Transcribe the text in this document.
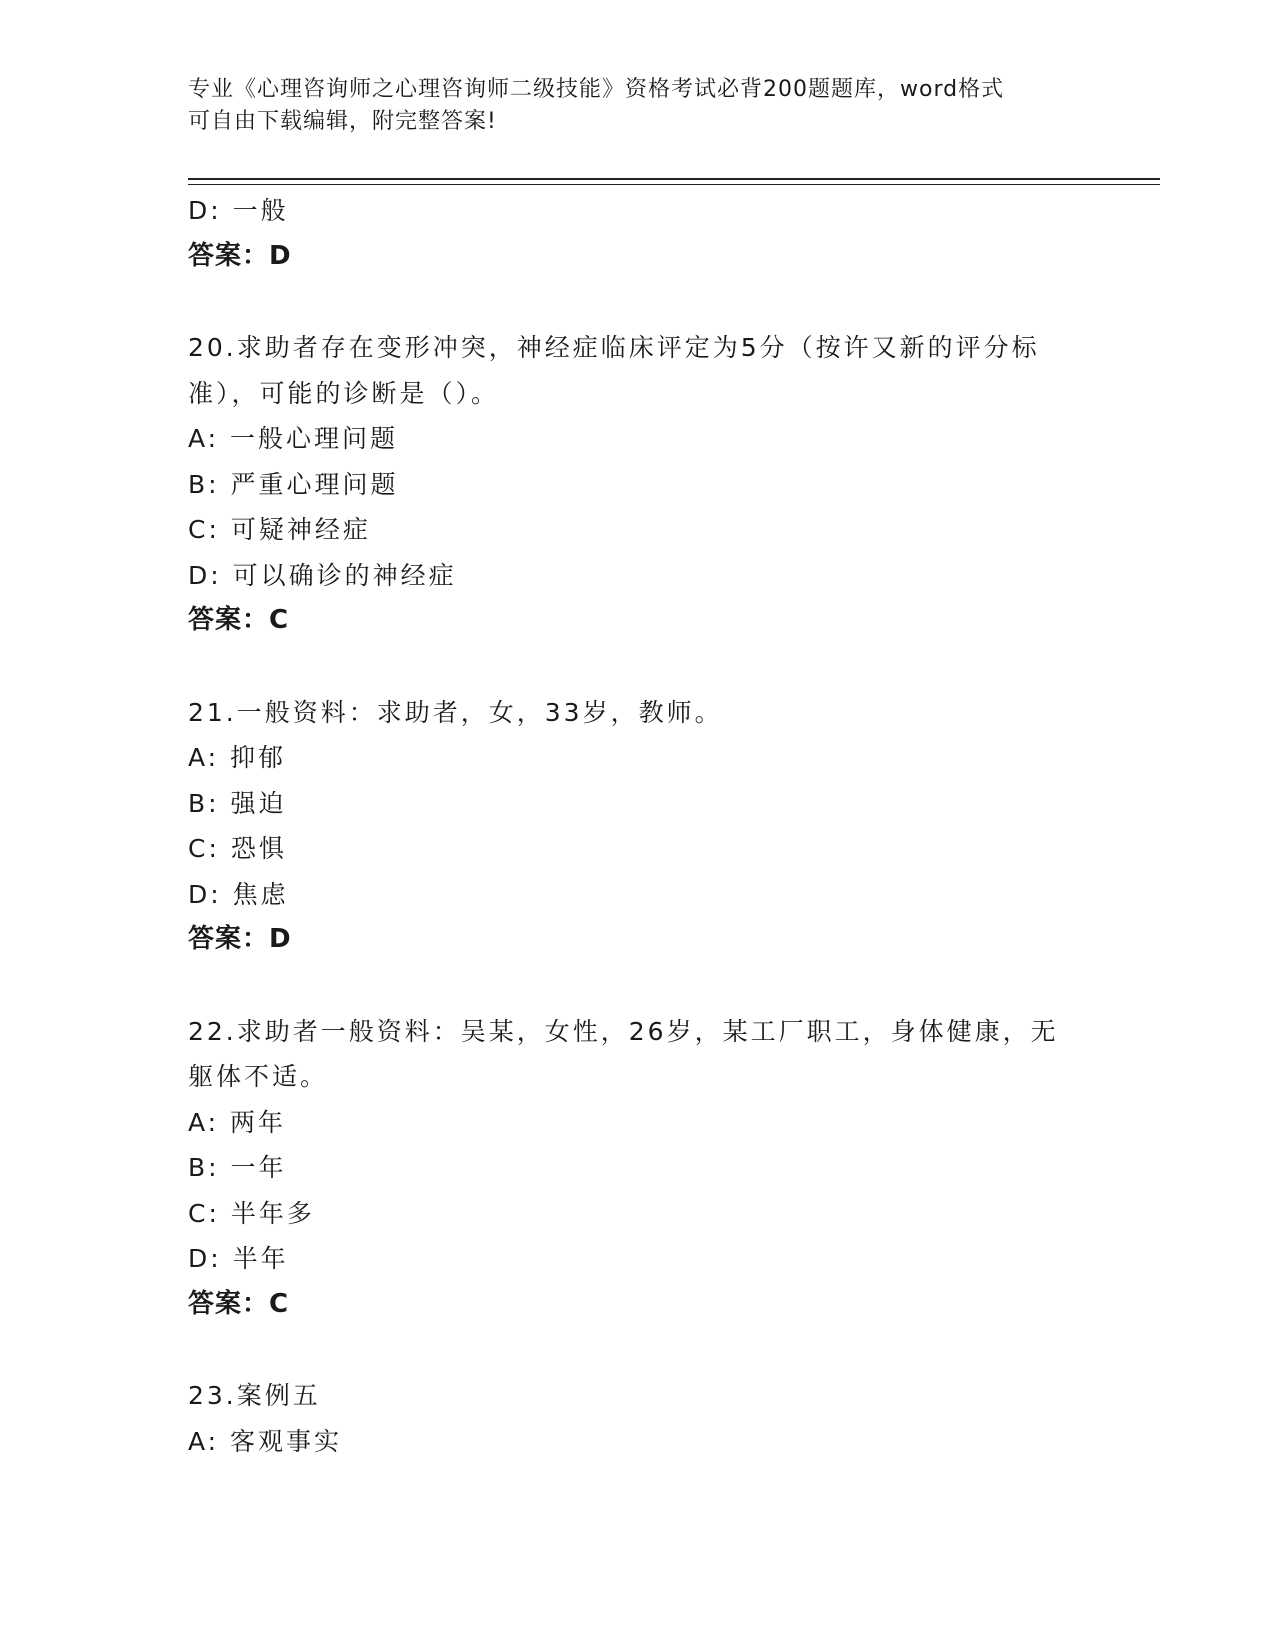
专业《心理咨询师之心理咨询师二级技能》资格考试必背200题题库，word格式
可自由下载编辑，附完整答案!
D: 一般
答案：D
20.求助者存在变形冲突，神经症临床评定为5分（按许又新的评分标
准），可能的诊断是（）。
A: 一般心理问题
B: 严重心理问题
C: 可疑神经症
D: 可以确诊的神经症
答案：C
21.一般资料：求助者，女，33岁，教师。
A: 抑郁
B: 强迫
C: 恐惧
D: 焦虑
答案：D
22.求助者一般资料：吴某，女性，26岁，某工厂职工，身体健康，无
躯体不适。
A: 两年
B: 一年
C: 半年多
D: 半年
答案：C
23.案例五
A: 客观事实
